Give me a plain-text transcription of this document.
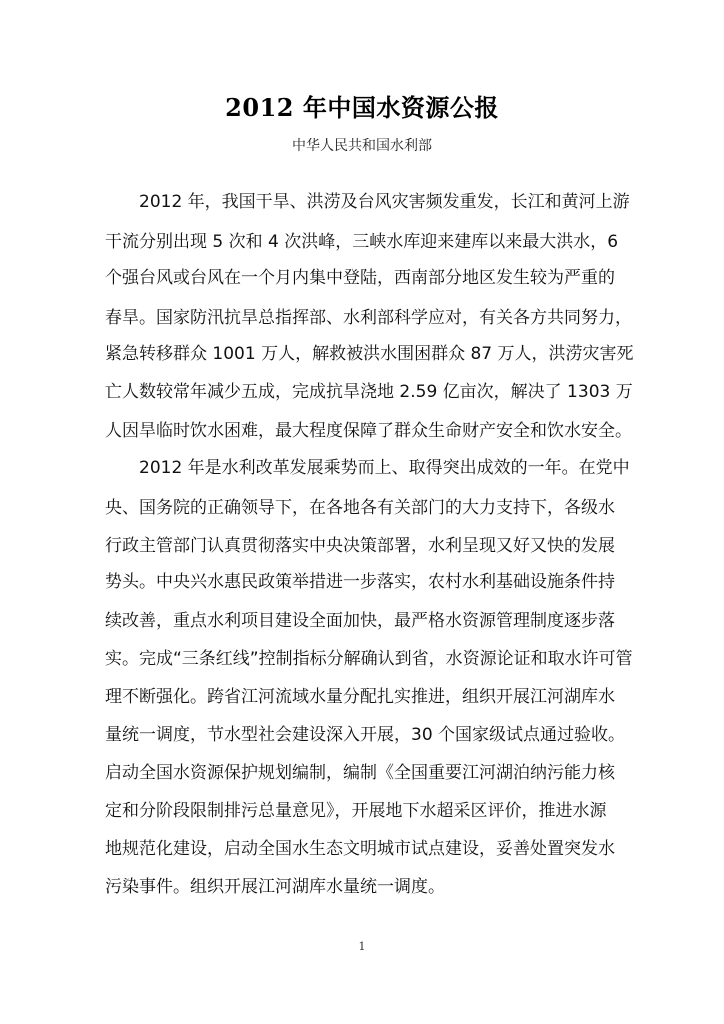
2012 年中国水资源公报
中华人民共和国水利部
　　2012 年，我国干旱、洪涝及台风灾害频发重发，长江和黄河上游
干流分别出现 5 次和 4 次洪峰，三峡水库迎来建库以来最大洪水，6
个强台风或台风在一个月内集中登陆，西南部分地区发生较为严重的
春旱。国家防汛抗旱总指挥部、水利部科学应对，有关各方共同努力，
紧急转移群众 1001 万人，解救被洪水围困群众 87 万人，洪涝灾害死
亡人数较常年减少五成，完成抗旱浇地 2.59 亿亩次，解决了 1303 万
人因旱临时饮水困难，最大程度保障了群众生命财产安全和饮水安全。
　　2012 年是水利改革发展乘势而上、取得突出成效的一年。在党中
央、国务院的正确领导下，在各地各有关部门的大力支持下，各级水
行政主管部门认真贯彻落实中央决策部署，水利呈现又好又快的发展
势头。中央兴水惠民政策举措进一步落实，农村水利基础设施条件持
续改善，重点水利项目建设全面加快，最严格水资源管理制度逐步落
实。完成“三条红线”控制指标分解确认到省，水资源论证和取水许可管
理不断强化。跨省江河流域水量分配扎实推进，组织开展江河湖库水
量统一调度，节水型社会建设深入开展，30 个国家级试点通过验收。
启动全国水资源保护规划编制，编制《全国重要江河湖泊纳污能力核
定和分阶段限制排污总量意见》，开展地下水超采区评价，推进水源
地规范化建设，启动全国水生态文明城市试点建设，妥善处置突发水
污染事件。组织开展江河湖库水量统一调度。
1
